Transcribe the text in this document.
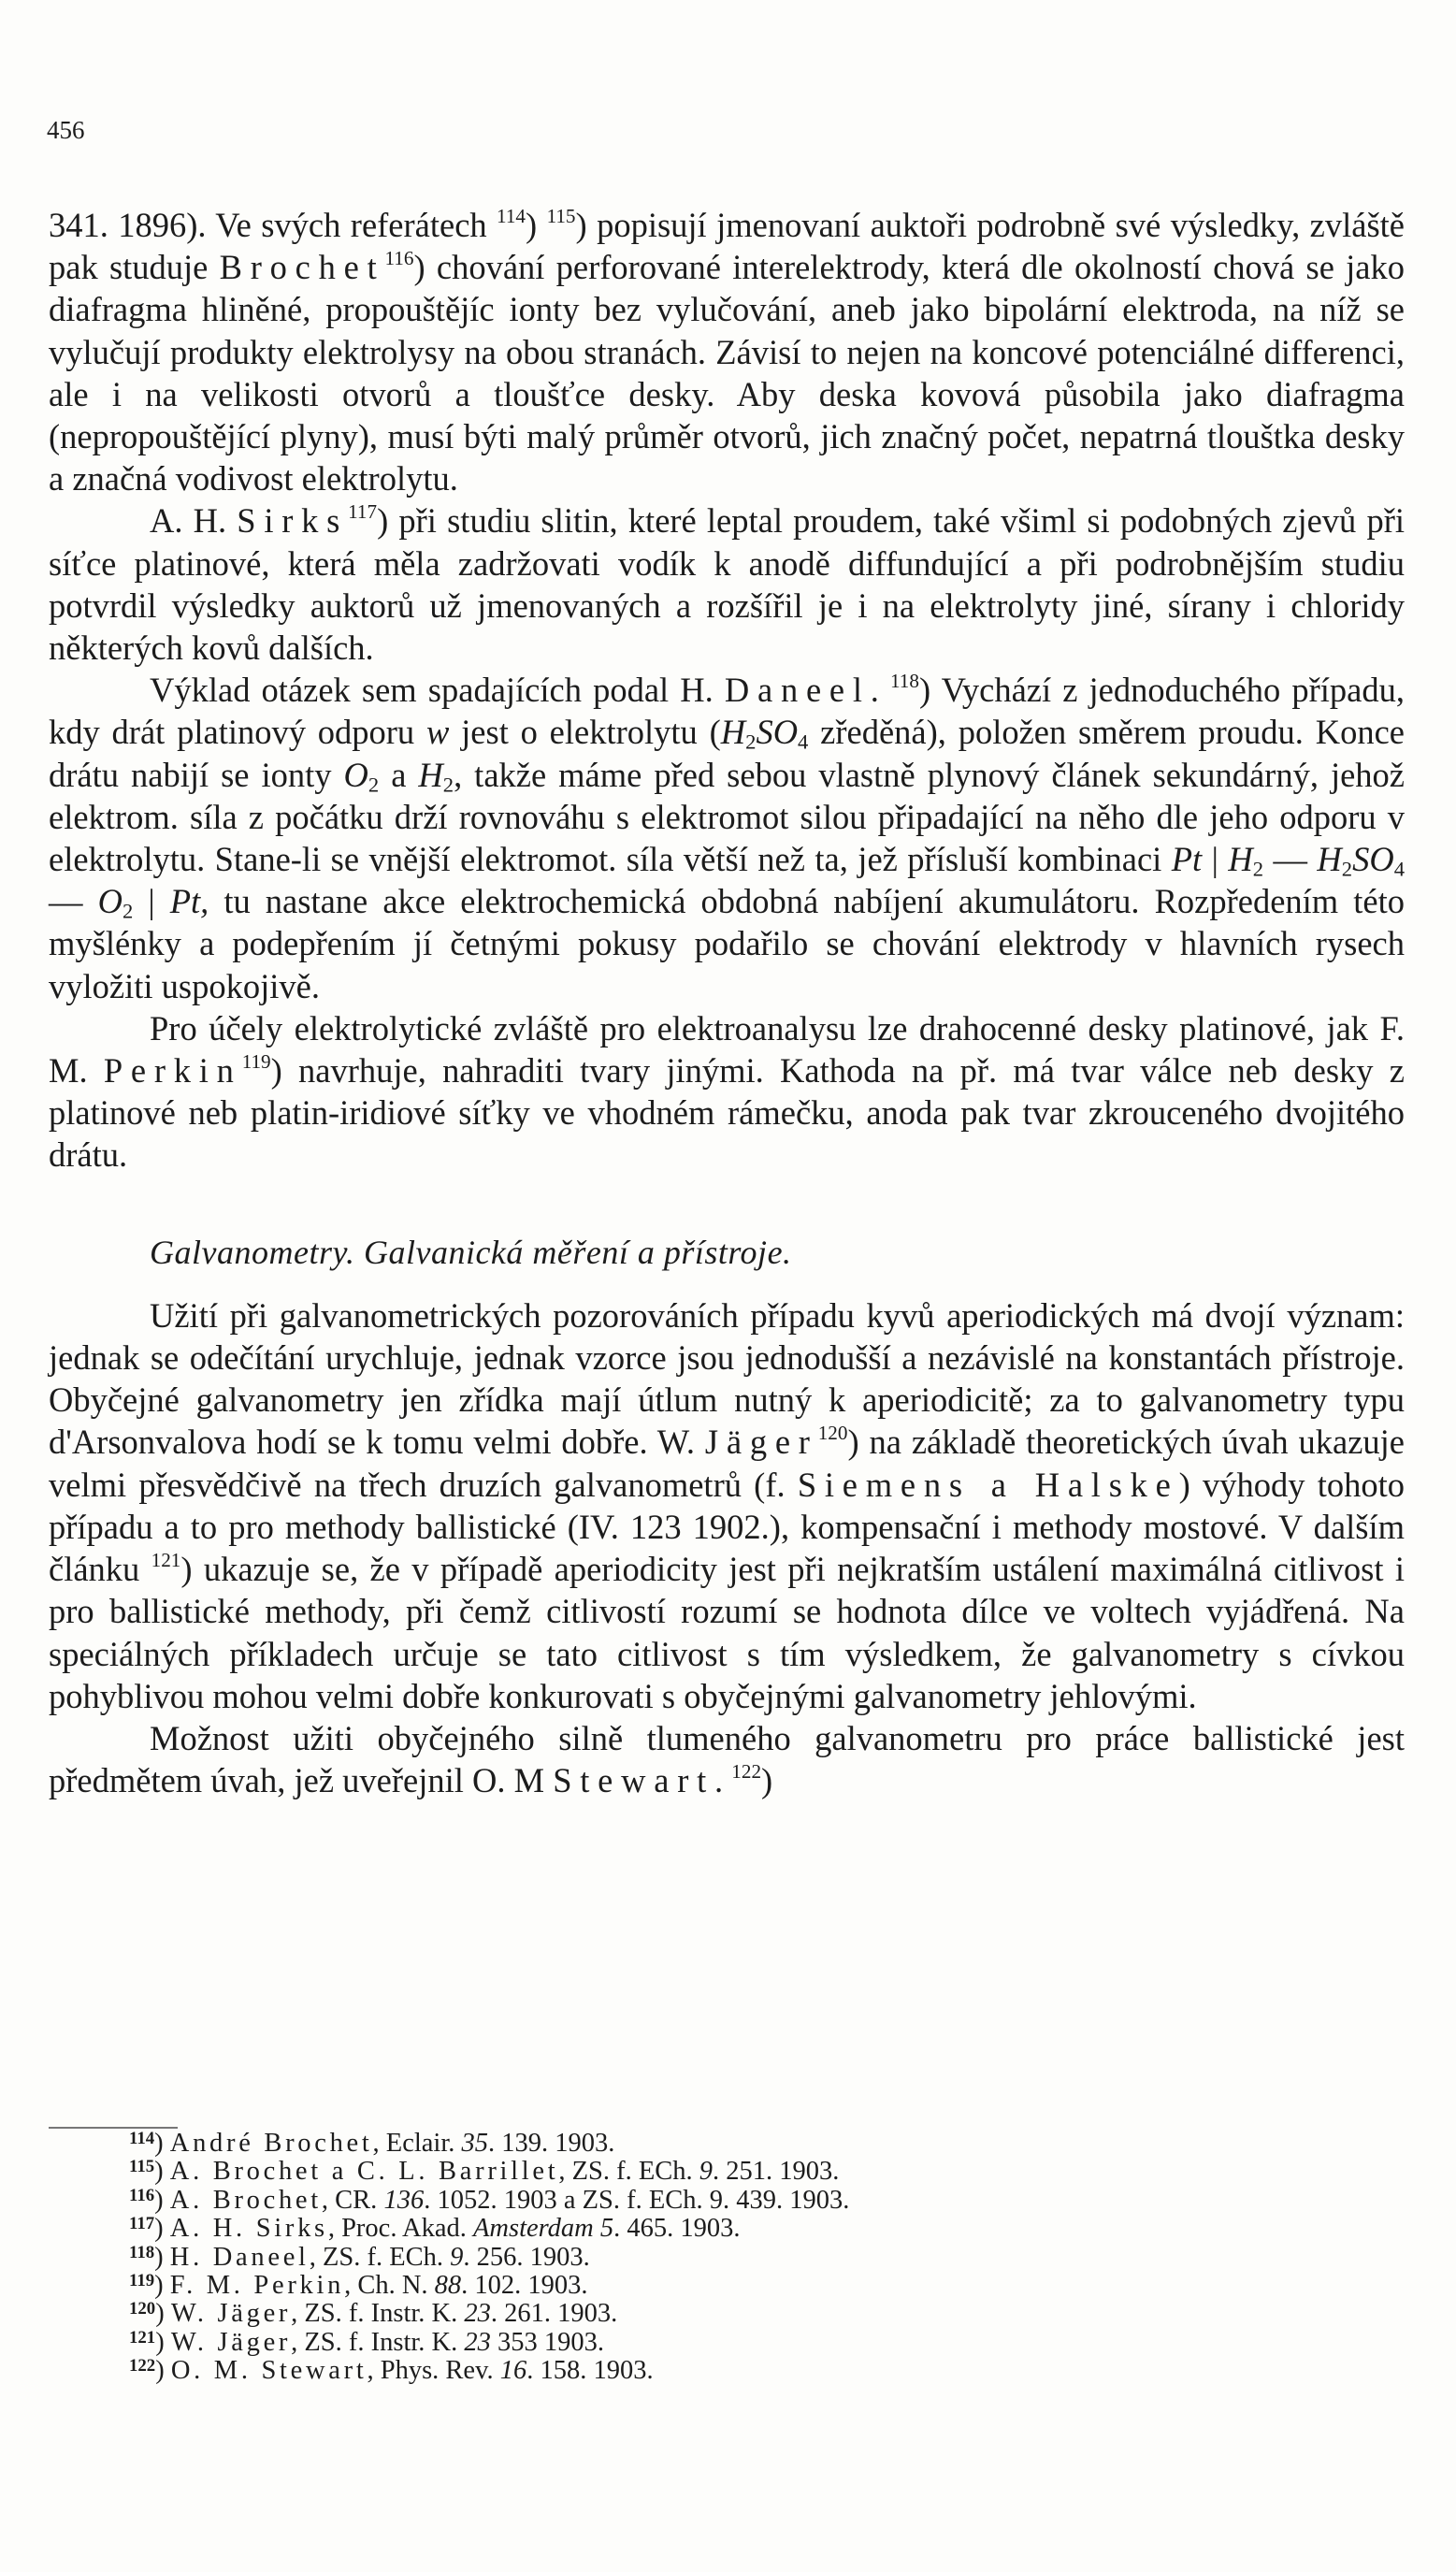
456

341. 1896). Ve svých referátech $^{114}$) $^{115}$) popisují jmenovaní auktoři podrobně své výsledky, zvláště pak studuje Brochet$^{116}$) chování perforované interelektrody, která dle okolností chová se jako diafragma hliněné, propouštějíc ionty bez vylučování, aneb jako bipolární elektroda, na níž se vylučují produkty elektrolysy na obou stranách. Závisí to nejen na koncové potenciálné differenci, ale i na velikosti otvorů a tloušťce desky. Aby deska kovová působila jako diafragma (nepropouštějící plyny), musí býti malý průměr otvorů, jich značný počet, nepatrná tlouštka desky a značná vodivost elektrolytu.

A. H. Sirks$^{117}$) při studiu slitin, které leptal proudem, také všiml si podobných zjevů při síťce platinové, která měla zadržovati vodík k anodě diffundující a při podrobnějším studiu potvrdil výsledky auktorů už jmenovaných a rozšířil je i na elektrolyty jiné, sírany i chloridy některých kovů dalších.

Výklad otázek sem spadajících podal H. Daneel. $^{118}$) Vychází z jednoduchého případu, kdy drát platinový odporu w jest o elektrolytu ($H_2SO_4$ zředěná), položen směrem proudu. Konce drátu nabijí se ionty $O_2$ a $H_2$, takže máme před sebou vlastně plynový článek sekundárný, jehož elektrom. síla z počátku drží rovnováhu s elektromot silou připadající na něho dle jeho odporu v elektrolytu. Stane-li se vnější elektromot. síla větší než ta, jež přísluší kombinaci Pt | $H_2$ — $H_2SO_4$ — $O_2$ | Pt, tu nastane akce elektrochemická obdobná nabíjení akumulátoru. Rozpředením této myšlénky a podepřením jí četnými pokusy podařilo se chování elektrody v hlavních rysech vyložiti uspokojivě.

Pro účely elektrolytické zvláště pro elektroanalysu lze drahocenné desky platinové, jak F. M. Perkin$^{119}$) navrhuje, nahraditi tvary jinými. Kathoda na př. má tvar válce neb desky z platinové neb platin-iridiové síťky ve vhodném rámečku, anoda pak tvar zkrouceného dvojitého drátu.

Galvanometry. Galvanická měření a přístroje.

Užití při galvanometrických pozorováních případu kyvů aperiodických má dvojí význam: jednak se odečítání urychluje, jednak vzorce jsou jednodušší a nezávislé na konstantách přístroje. Obyčejné galvanometry jen zřídka mají útlum nutný k aperiodicitě; za to galvanometry typu d'Arsonvalova hodí se k tomu velmi dobře. W. Jäger$^{120}$) na základě theoretických úvah ukazuje velmi přesvědčivě na třech druzích galvanometrů (f. Siemens a Halske) výhody tohoto případu a to pro methody ballistické (IV. 123 1902.), kompensační i methody mostové. V dalším článku $^{121}$) ukazuje se, že v případě aperiodicity jest při nejkratším ustálení maximálná citlivost i pro ballistické methody, při čemž citlivostí rozumí se hodnota dílce ve voltech vyjádřená. Na speciálných příkladech určuje se tato citlivost s tím výsledkem, že galvanometry s cívkou pohyblivou mohou velmi dobře konkurovati s obyčejnými galvanometry jehlovými.

Možnost užiti obyčejného silně tlumeného galvanometru pro práce ballistické jest předmětem úvah, jež uveřejnil O. M Stewart. $^{122}$)

$^{114}$) André Brochet, Eclair. 35. 139. 1903.
$^{115}$) A. Brochet a C. L. Barrillet, ZS. f. ECh. 9. 251. 1903.
$^{116}$) A. Brochet, CR. 136. 1052. 1903 a ZS. f. ECh. 9. 439. 1903.
$^{117}$) A. H. Sirks, Proc. Akad. Amsterdam 5. 465. 1903.
$^{118}$) H. Daneel, ZS. f. ECh. 9. 256. 1903.
$^{119}$) F. M. Perkin, Ch. N. 88. 102. 1903.
$^{120}$) W. Jäger, ZS. f. Instr. K. 23. 261. 1903.
$^{121}$) W. Jäger, ZS. f. Instr. K. 23 353 1903.
$^{122}$) O. M. Stewart, Phys. Rev. 16. 158. 1903.
